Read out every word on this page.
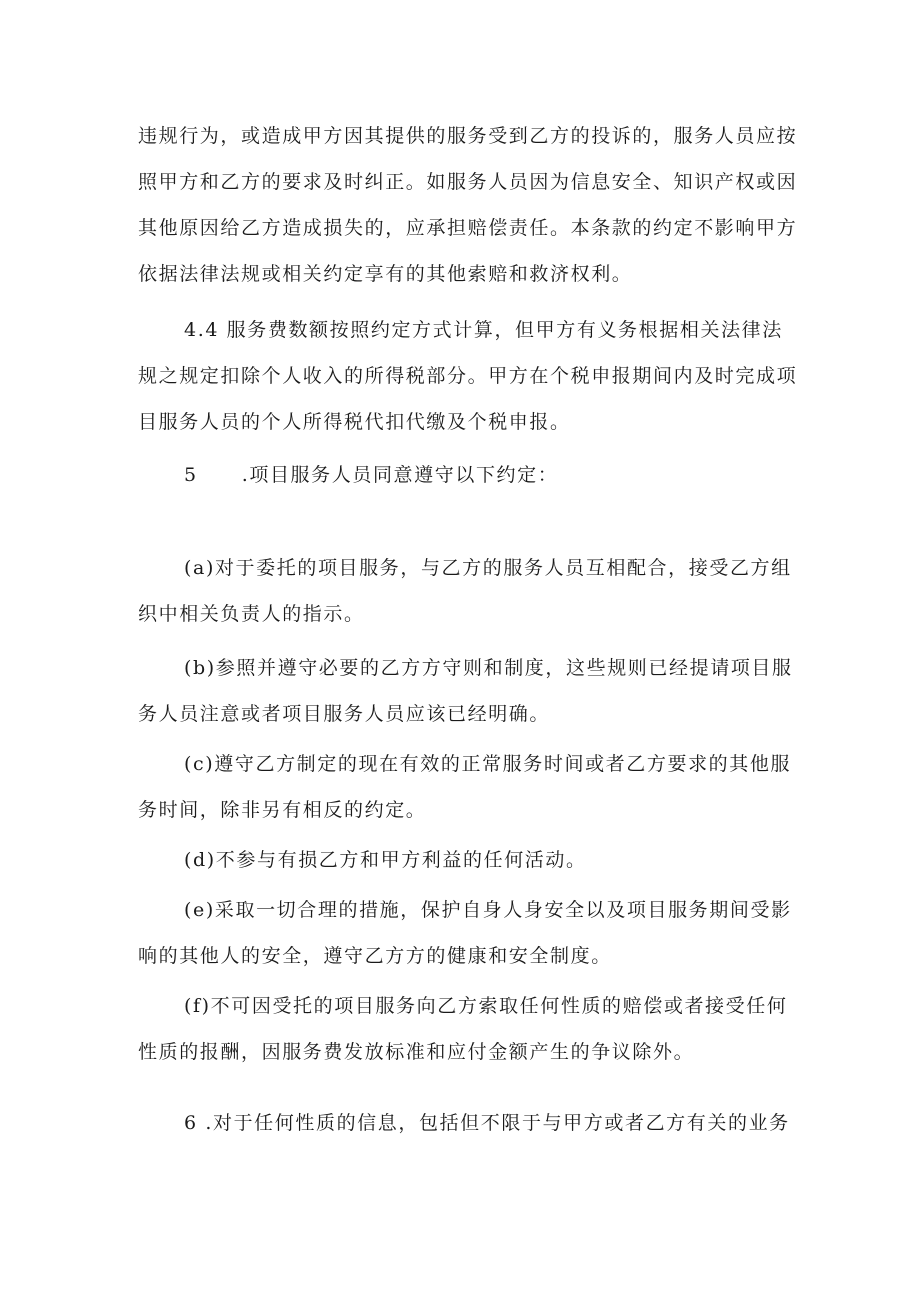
违规行为，或造成甲方因其提供的服务受到乙方的投诉的，服务人员应按
照甲方和乙方的要求及时纠正。如服务人员因为信息安全、知识产权或因
其他原因给乙方造成损失的，应承担赔偿责任。本条款的约定不影响甲方
依据法律法规或相关约定享有的其他索赔和救济权利。
4.4 服务费数额按照约定方式计算，但甲方有义务根据相关法律法
规之规定扣除个人收入的所得税部分。甲方在个税申报期间内及时完成项
目服务人员的个人所得税代扣代缴及个税申报。
5 .项目服务人员同意遵守以下约定：
(a)对于委托的项目服务，与乙方的服务人员互相配合，接受乙方组
织中相关负责人的指示。
(b)参照并遵守必要的乙方方守则和制度，这些规则已经提请项目服
务人员注意或者项目服务人员应该已经明确。
(c)遵守乙方制定的现在有效的正常服务时间或者乙方要求的其他服
务时间，除非另有相反的约定。
(d)不参与有损乙方和甲方利益的任何活动。
(e)采取一切合理的措施，保护自身人身安全以及项目服务期间受影
响的其他人的安全，遵守乙方方的健康和安全制度。
(f)不可因受托的项目服务向乙方索取任何性质的赔偿或者接受任何
性质的报酬，因服务费发放标准和应付金额产生的争议除外。
6 .对于任何性质的信息，包括但不限于与甲方或者乙方有关的业务
